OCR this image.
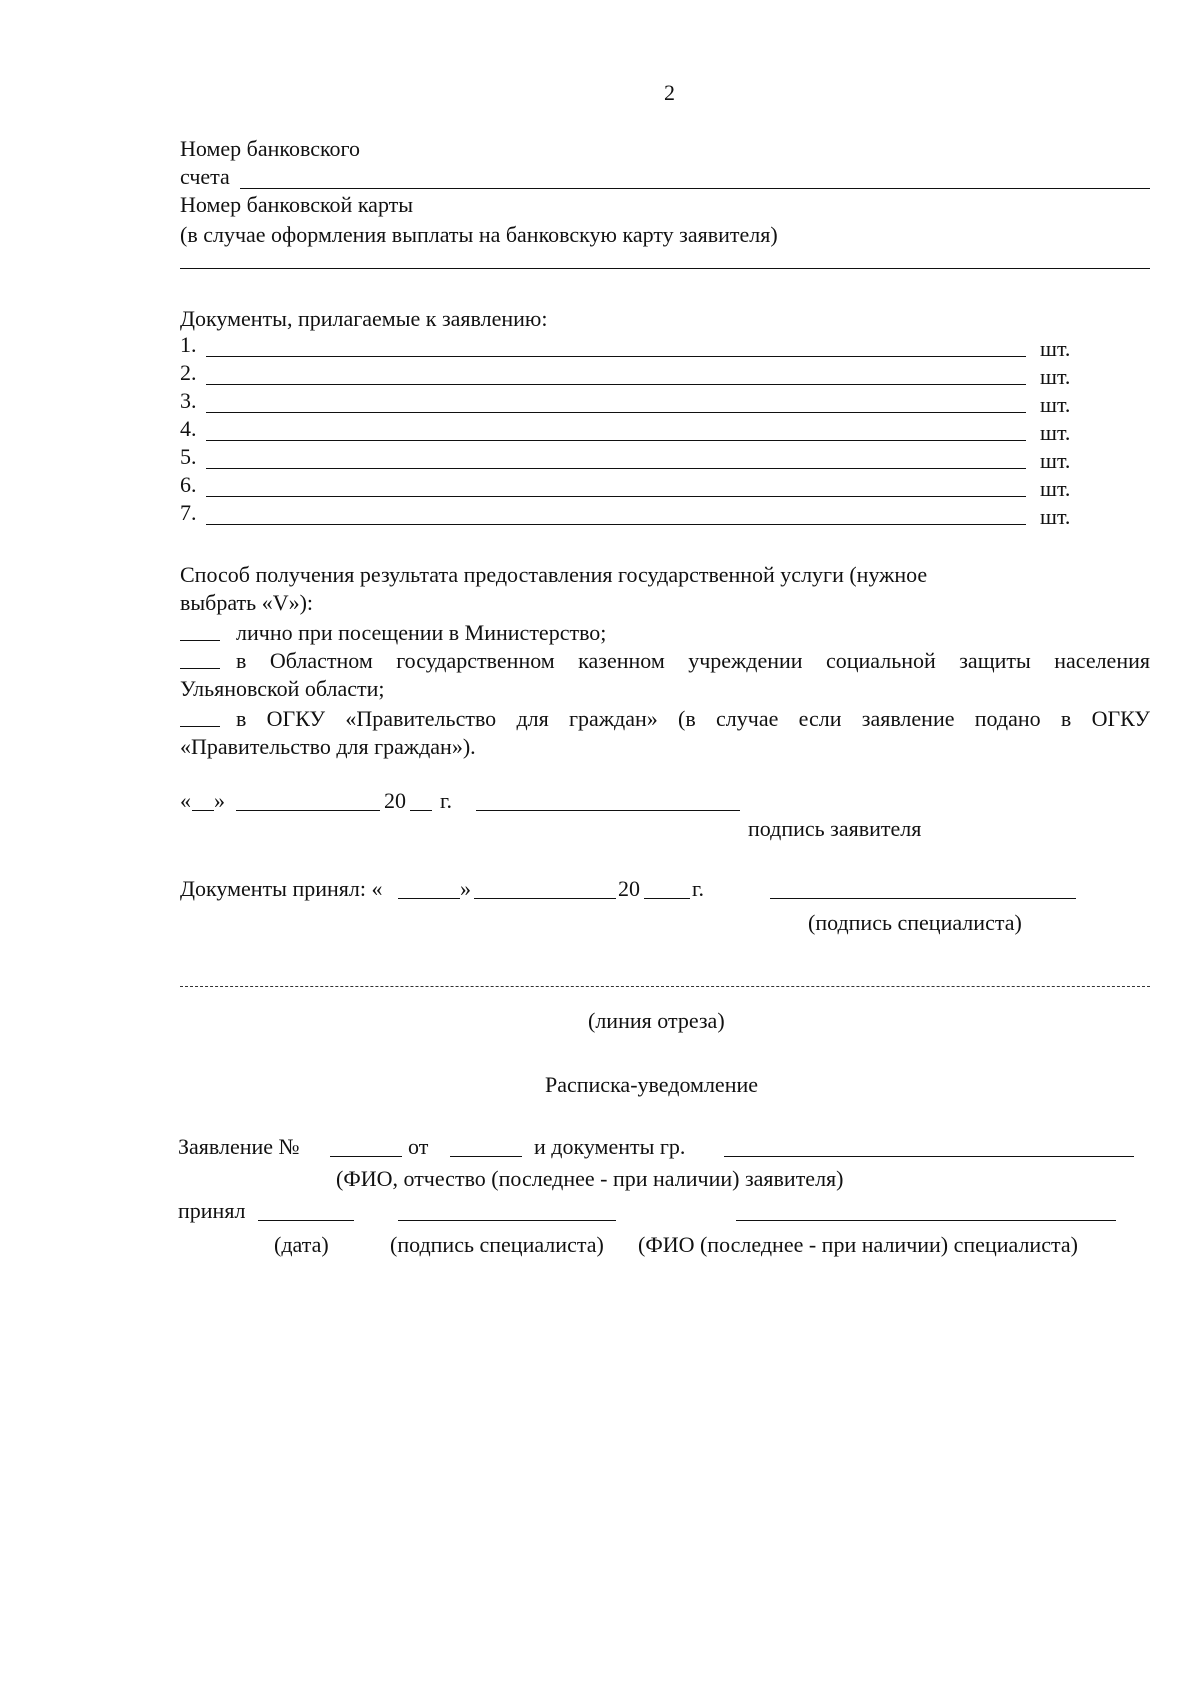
2
Номер банковского
счета
Номер банковской карты
(в случае оформления выплаты на банковскую карту заявителя)
Документы, прилагаемые к заявлению:
1.	шт.
2.	шт.
3.	шт.
4.	шт.
5.	шт.
6.	шт.
7.	шт.
Способ получения результата предоставления государственной услуги (нужное
выбрать «V»):
лично при посещении в Министерство;
в Областном государственном казенном учреждении социальной защиты населения
Ульяновской области;
в ОГКУ «Правительство для граждан» (в случае если заявление подано в ОГКУ
«Правительство для граждан»).
« »	20 г.
подпись заявителя
Документы принял: «	»	20 г.
(подпись специалиста)
(линия отреза)
Расписка-уведомление
Заявление №	от	и документы гр.
(ФИО, отчество (последнее - при наличии) заявителя)
принял
(дата)	(подпись специалиста) (ФИО (последнее - при наличии) специалиста)
